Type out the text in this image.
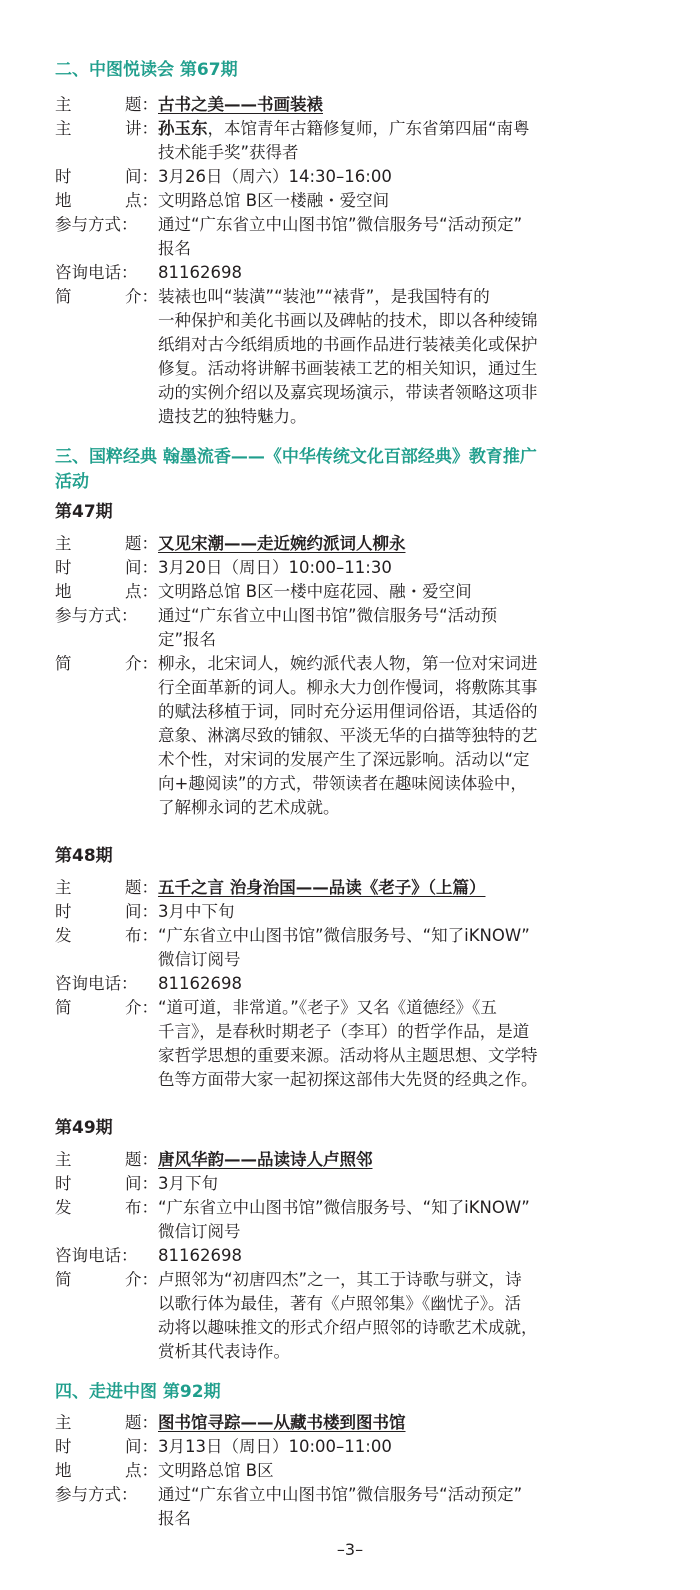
二、中图悦读会 第67期
主	题： 古书之美——书画装裱
主	讲： 孙玉东，本馆青年古籍修复师，广东省第四届“南粤
技术能手奖”获得者
时	间： 3月26日（周六）14:30–16:00
地	点： 文明路总馆 B区一楼融・爱空间
参与方式： 通过“广东省立中山图书馆”微信服务号“活动预定”
报名
咨询电话： 81162698
简	介： 装裱也叫“装潢”“装池”“裱背”，是我国特有的
一种保护和美化书画以及碑帖的技术，即以各种绫锦
纸绢对古今纸绢质地的书画作品进行装裱美化或保护
修复。活动将讲解书画装裱工艺的相关知识，通过生
动的实例介绍以及嘉宾现场演示，带读者领略这项非
遗技艺的独特魅力。
三、国粹经典 翰墨流香——《中华传统文化百部经典》教育推广
活动
第47期
主	题： 又见宋潮——走近婉约派词人柳永
时	间： 3月20日（周日）10:00–11:30
地	点： 文明路总馆 B区一楼中庭花园、融・爱空间
参与方式： 通过“广东省立中山图书馆”微信服务号“活动预
定”报名
简	介： 柳永，北宋词人，婉约派代表人物，第一位对宋词进
行全面革新的词人。柳永大力创作慢词，将敷陈其事
的赋法移植于词，同时充分运用俚词俗语，其适俗的
意象、淋漓尽致的铺叙、平淡无华的白描等独特的艺
术个性，对宋词的发展产生了深远影响。活动以“定
向+趣阅读”的方式，带领读者在趣味阅读体验中，
了解柳永词的艺术成就。
第48期
主	题： 五千之言 治身治国——品读《老子》（上篇）
时	间： 3月中下旬
发	布： “广东省立中山图书馆”微信服务号、“知了iKNOW”
微信订阅号
咨询电话： 81162698
简	介： “道可道，非常道。”《老子》又名《道德经》《五
千言》，是春秋时期老子（李耳）的哲学作品，是道
家哲学思想的重要来源。活动将从主题思想、文学特
色等方面带大家一起初探这部伟大先贤的经典之作。
第49期
主	题： 唐风华韵——品读诗人卢照邻
时	间： 3月下旬
发	布： “广东省立中山图书馆”微信服务号、“知了iKNOW”
微信订阅号
咨询电话： 81162698
简	介： 卢照邻为“初唐四杰”之一，其工于诗歌与骈文，诗
以歌行体为最佳，著有《卢照邻集》《幽忧子》。活
动将以趣味推文的形式介绍卢照邻的诗歌艺术成就，
赏析其代表诗作。
四、走进中图 第92期
主	题： 图书馆寻踪——从藏书楼到图书馆
时	间： 3月13日（周日）10:00–11:00
地	点： 文明路总馆 B区
参与方式： 通过“广东省立中山图书馆”微信服务号“活动预定”
报名
–3–
